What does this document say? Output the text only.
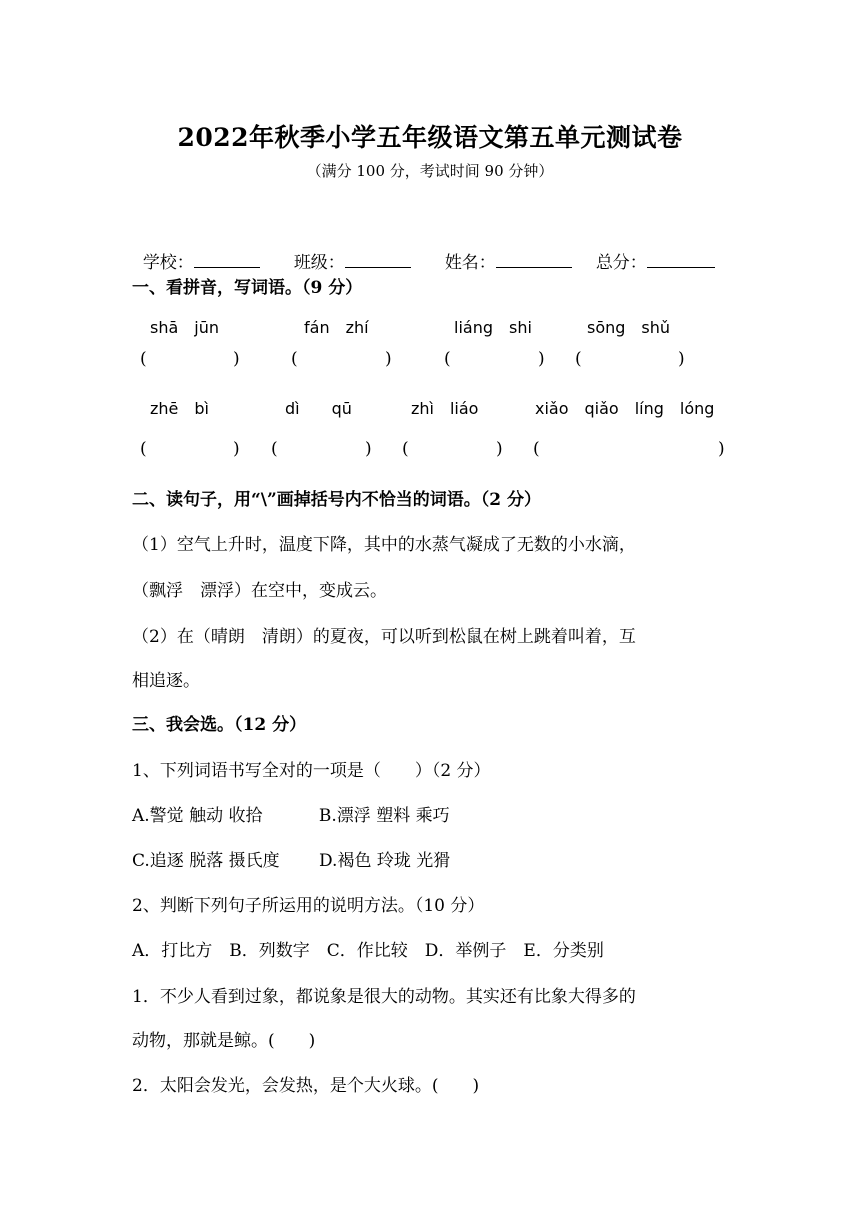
2022年秋季小学五年级语文第五单元测试卷
（满分 100 分，考试时间 90 分钟）

学校：	班级：	姓名：	总分：

一、看拼音，写词语。（9 分）
shā　jūn	fán　zhí	liáng　shi	sōng　shǔ
(	)	(	)	(	) (	)
zhē　bì	dì　　qū	zhì　liáo	xiǎo　qiǎo　líng　lóng
(	) (	) (	) (	)
二、读句子，用“\”画掉括号内不恰当的词语。（2 分）
（1）空气上升时，温度下降，其中的水蒸气凝成了无数的小水滴，
（飘浮　漂浮）在空中，变成云。
（2）在（晴朗　清朗）的夏夜，可以听到松鼠在树上跳着叫着，互
相追逐。
三、我会选。（12 分）
1、下列词语书写全对的一项是（　　）（2 分）
A.警觉 触动 收拾　　　 B.漂浮 塑料 乘巧
C.追逐 脱落 摄氏度　　 D.褐色 玲珑 光猾
2、判断下列句子所运用的说明方法。（10 分）
A．打比方　B．列数字　C．作比较　D．举例子　E．分类别
1．不少人看到过象，都说象是很大的动物。其实还有比象大得多的
动物，那就是鲸。(　　)
2．太阳会发光，会发热，是个大火球。(　　)
